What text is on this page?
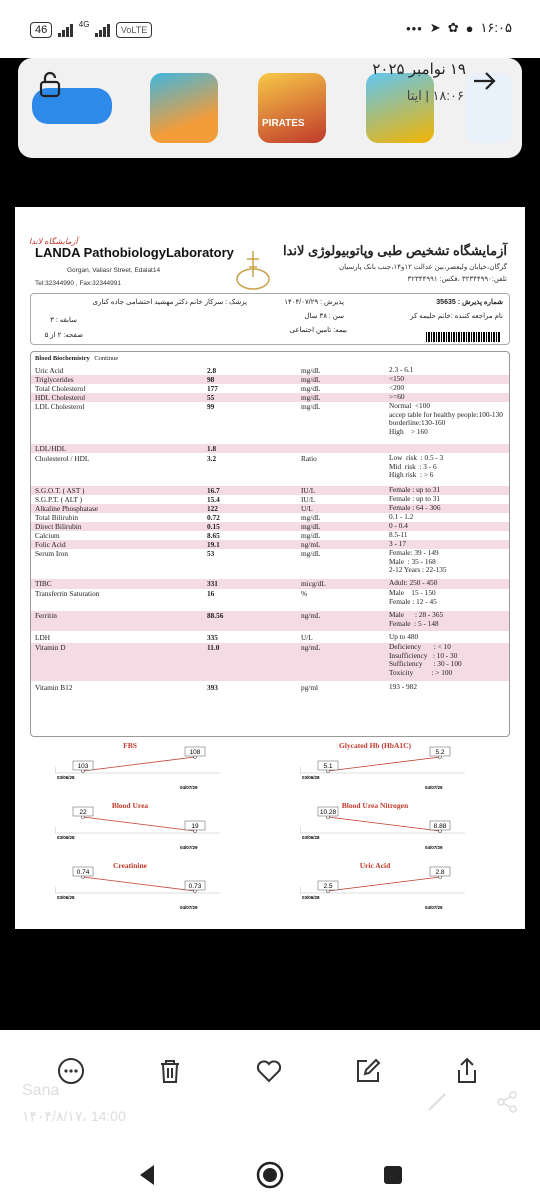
46	4G
VoLTE	••• ➤ ✿ ● ۱۶:۰۵
PIRATES
۱۹ نوامبر ۲۰۲۵
۱۸:۰۶ | ایتا
آزمایشگاه لاندا
LANDA PathobiologyLaboratory
Gorgan, Valiasr Street, Edalat14
Tel:32344990 , Fax:32344991
آزمایشگاه تشخیص طبی وپاتوبیولوژی لاندا
گرگان،خیابان ولیعصر،بین عدالت ۱۲و۱۴،جنب بانک پارسیان
تلفن:۳۲۳۴۴۹۹۰ ،فکس: ۳۲۳۴۴۹۹۱
شماره پذیرش : 35635
پذیرش : ۱۴۰۴/۰۷/۲۹
پزشک : سرکار خانم دکتر مهشید احتشامی جاده کناری
نام مراجعه کننده :خانم حلیمه کر
سن : ۳۸ سال
بیمه: تامین اجتماعی
سابقه : ۳
صفحه: ۲ از ۵
Blood Biochemistry Continue
Uric Acid	2.8	mg/dL	2.3 - 6.1
Triglycerides	98	mg/dL	<150
Total Cholesterol	177	mg/dL	<200
HDL Cholesterol	55	mg/dL	>=60
LDL Cholesterol	99	mg/dL	Normal  <100
accep table for healthy people:100-130
borderline:130-160
High    > 160
LDL/HDL	1.8
Cholesterol / HDL	3.2	Ratio	Low  risk  : 0.5 - 3
Mid  risk  : 3 - 6
High risk  : > 6
S.G.O.T. ( AST )	16.7	IU/L	Female : up to 31
S.G.P.T. ( ALT )	15.4	IU/L	Female : up to 31
Alkaline Phosphatase	122	U/L	Female : 64 - 306
Total Bilirubin	0.72	mg/dL	0.1 - 1.2
Direct Bilirubin	0.15	mg/dL	0 - 0.4
Calcium	8.65	mg/dL	8.5-11
Folic Acid	19.1	ng/mL	3 - 17
Serum Iron	53	mg/dL	Female: 39 - 149
Male  : 35 - 168
2-12 Years : 22-135
TIBC	331	micg/dL	Adult: 250 - 450
Transferrin Saturation	16	%	Male    15 - 150
Female : 12 - 45
Ferritin	88.56	ng/mL	Male      : 28 - 365
Female  : 5 - 148
LDH	335	U/L	Up to 480
Vitamin D	11.0	ng/mL	Deficiency       : < 10
Insufficiency   : 10 - 30
Sufficiency      : 30 - 100
Toxicity          : > 100
Vitamin B12	393	pg/ml	193 - 982
FBS
103
03/06/28
108
04/07/29
Glycated Hb (HbA1C)
5.1
03/06/28
5.2
04/07/29
Blood Urea
22
03/06/28
19
04/07/29
Blood Urea Nitrogen
10.28
03/06/28
8.88
04/07/29
Creatinine
0.74
03/06/28
0.73
04/07/29
Uric Acid
2.5
03/06/28
2.8
04/07/29
Sana
۱۴۰۴/۸/۱۷، 14:00
